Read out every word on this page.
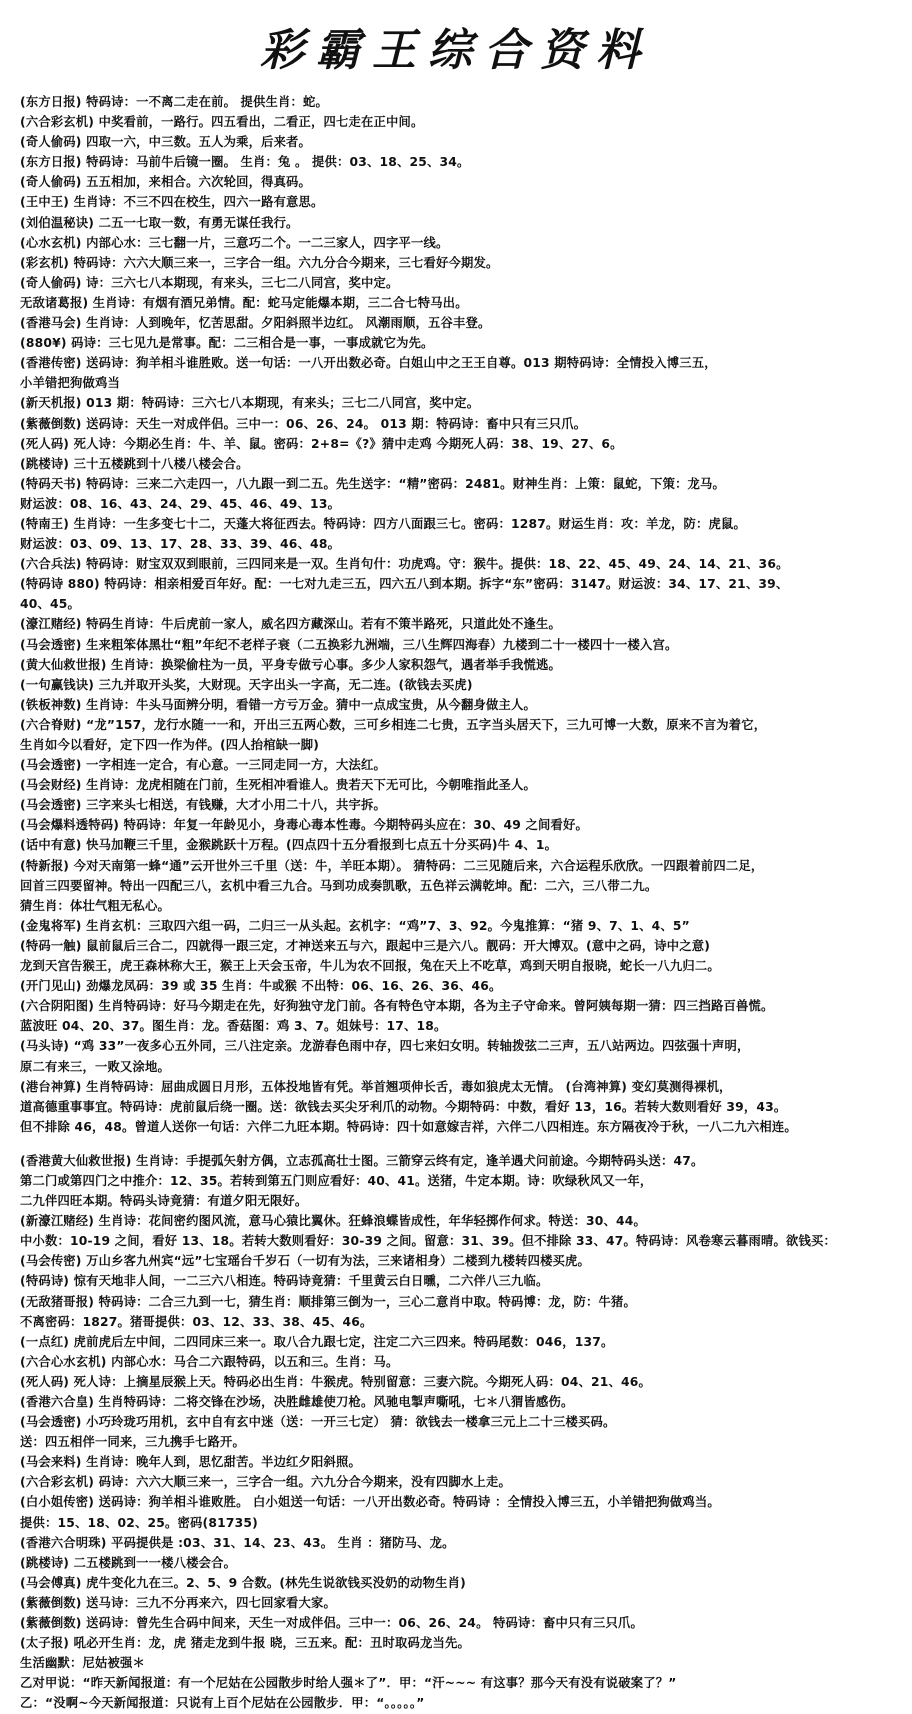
彩霸王综合资料
(东方日报) 特码诗：一不离二走在前。 提供生肖：蛇。
(六合彩玄机) 中奖看前，一路行。四五看出，二看正，四七走在正中间。
(奇人偷码) 四取一六，中三数。五人为乘，后来者。
(东方日报) 特码诗：马前牛后镜一圈。 生肖：兔 。 提供：03、18、25、34。
(奇人偷码) 五五相加，来相合。六次轮回，得真码。
(王中王) 生肖诗：不三不四在校生，四六一路有意思。
(刘伯温秘诀) 二五一七取一数，有勇无谋任我行。
(心水玄机) 内部心水：三七翻一片，三意巧二个。一二三家人，四字平一线。
(彩玄机) 特码诗：六六大顺三来一，三字合一组。六九分合今期来，三七看好今期发。
(奇人偷码) 诗：三六七八本期现，有来头，三七二八同宫，奖中定。
无敌诸葛报) 生肖诗：有烟有酒兄弟情。配：蛇马定能爆本期，三二合七特马出。
(香港马会) 生肖诗：人到晚年，忆苦思甜。夕阳斜照半边红。 风潮雨顺，五谷丰登。
(880¥) 码诗：三七见九是常事。配：二三相合是一事，一事成就它为先。
(香港传密) 送码诗：狗羊相斗谁胜败。送一句话：一八开出数必奇。白姐山中之王王自尊。013 期特码诗：全情投入博三五，
小羊错把狗做鸡当
(新天机报) 013 期：特码诗：三六七八本期现，有来头；三七二八同宫，奖中定。
(紫薇倒数) 送码诗：天生一对成伴侣。三中一：06、26、24。 013 期：特码诗：畜中只有三只爪。
(死人码) 死人诗：今期必生肖：牛、羊、鼠。密码：2+8=《?》猜中走鸡 今期死人码：38、19、27、6。
(跳楼诗) 三十五楼跳到十八楼八楼会合。
(特码天书) 特码诗：三来二六走四一，八九跟一到二五。先生送字：“精”密码：2481。财神生肖：上策：鼠蛇，下策：龙马。
财运波：08、16、43、24、29、45、46、49、13。
(特南王) 生肖诗：一生多变七十二，天蓬大将征西去。特码诗：四方八面跟三七。密码：1287。财运生肖：攻：羊龙，防：虎鼠。
财运波：03、09、13、17、28、33、39、46、48。
(六合兵法) 特码诗：财宝双双到眼前，三四同来是一双。生肖句什：功虎鸡。守：猴牛。提供：18、22、45、49、24、14、21、36。
(特码诗 880) 特码诗：相亲相爱百年好。配：一七对九走三五，四六五八到本期。拆字“东”密码：3147。财运波：34、17、21、39、
40、45。
(濠江赌经) 特码生肖诗：牛后虎前一家人，威名四方藏深山。若有不策半路死，只道此处不逢生。
(马会透密) 生来粗笨体黑壮“粗”年纪不老样子衰（二五换彩九洲端，三八生辉四海春）九楼到二十一楼四十一楼入宫。
(黄大仙救世报) 生肖诗：换梁偷柱为一员，平身专做亏心事。多少人家积怨气，遇者举手我慌逃。
(一句赢钱诀) 三九并取开头奖，大财现。天字出头一字高，无二连。(欲钱去买虎)
(铁板神数) 生肖诗：牛头马面辨分明，看错一方亏万金。猜中一点成宝贵，从今翻身做主人。
(六合脊财) “龙”157，龙行水随一一和，开出三五两心数，三可乡相连二七贵，五字当头居天下，三九可博一大数，原来不言为着它，
生肖如今以看好，定下四一作为伴。(四人抬棺缺一脚)
(马会透密) 一字相连一定合，有心意。一三同走同一方，大法红。
(马会财经) 生肖诗：龙虎相随在门前，生死相冲看谁人。贵若天下无可比，今朝唯指此圣人。
(马会透密) 三字来头七相送，有钱赚，大才小用二十八，共宇拆。
(马会爆料透特码) 特码诗：年复一年龄见小，身毒心毒本性毒。今期特码头应在：30、49 之间看好。
(话中有意) 快马加鞭三千里，金猴跳跃十万程。(四点四十五分看报到七点五十分买码)牛 4、1。
(特新报) 今对天南第一蜂“通”云开世外三千里（送：牛，羊旺本期）。 猜特码：二三见随后来，六合运程乐欣欣。一四跟着前四二足，
回首三四要留神。特出一四配三八，玄机中看三九合。马到功成奏凯歌，五色祥云满乾坤。配：二六，三八带二九。
猜生肖：体壮气粗无私心。
(金鬼将军) 生肖玄机：三取四六组一码，二归三一从头起。玄机字：“鸡”7、3、92。今鬼推算：“猪 9、7、1、4、5”
(特码一触) 鼠前鼠后三合二，四就得一跟三定，才神送来五与六，跟起中三是六八。靓码：开大博双。(意中之码，诗中之意)
龙到天宫告猴王，虎王森林称大王，猴王上天会玉帝，牛儿为农不回报，兔在天上不吃草，鸡到天明自报晓，蛇长一八九归二。
(开门见山) 劲爆龙凤码：39 或 35 生肖：牛或猴 不出特：06、16、26、36、46。
(六合阴阳图) 生肖特码诗：好马今期走在先，好狗独守龙门前。各有特色守本期，各为主子守命来。曾阿姨每期一猜：四三挡路百兽慌。
蓝波旺 04、20、37。图生肖：龙。香菇图：鸡 3、7。姐妹号：17、18。
(马头诗) “鸡 33”一夜多心五外同，三八注定亲。龙游春色雨中存，四七来妇女明。转轴拨弦二三声，五八站两边。四弦强十声明，
原二有来三，一败又涂地。
(港台神算) 生肖特码诗：屈曲成圆日月形，五体投地皆有凭。举首翘项伸长舌，毒如狼虎太无情。 (台湾神算) 变幻莫测得裸机，
道高德重事事宜。特码诗：虎前鼠后绕一圈。送：欲钱去买尖牙利爪的动物。今期特码：中数，看好 13，16。若转大数则看好 39，43。
但不排除 46，48。曾道人送你一句话：六伴二九旺本期。特码诗：四十如意嫁吉祥，六伴二八四相连。东方隔夜冷于秋，一八二九六相连。
(香港黄大仙救世报) 生肖诗：手提弧矢射方偶，立志孤高壮士图。三箭穿云终有定，逢羊遇犬问前途。今期特码头送：47。
第二门或第四门之中推介：12、35。若转到第五门则应看好：40、41。送猪，牛定本期。诗：吹绿秋风又一年，
二九伴四旺本期。特码头诗竟猜：有道夕阳无限好。
(新濠江赌经) 生肖诗：花间密约图风流，意马心猿比翼休。狂蜂浪蝶皆成性，年华轻掷作何求。特送：30、44。
中小数：10-19 之间，看好 13、18。若转大数则看好：30-39 之间。留意：31、39。但不排除 33、47。特码诗：风卷寒云暮雨晴。欲钱买：
(马会传密) 万山乡客九州宾“远”七宝瑶台千岁石（一切有为法，三来诸相身）二楼到九楼转四楼买虎。
(特码诗) 惊有天地非人间，一二三六八相连。特码诗竟猜：千里黄云白日曛，二六伴八三九临。
(无敌猪哥报) 特码诗：二合三九到一七，猜生肖：顺排第三倒为一，三心二意肖中取。特码博：龙，防：牛猪。
不离密码：1827。猪哥提供：03、12、33、38、45、46。
(一点红) 虎前虎后左中间，二四同床三来一。取八合九跟七定，注定二六三四来。特码尾数：046，137。
(六合心水玄机) 内部心水：马合二六跟特码，以五和三。生肖：马。
(死人码) 死人诗：上摘星辰猴上天。特码必出生肖：牛猴虎。特别留意：三妻六院。今期死人码：04、21、46。
(香港六合皇) 生肖特码诗：二将交锋在沙场，决胜雌雄使刀枪。风驰电掣声嘶吼，七＊八猬皆感伤。
(马会透密) 小巧玲珑巧用机，玄中自有玄中迷（送：一开三七定） 猜：欲钱去一楼拿三元上二十三楼买码。
送：四五相伴一同来，三九携手七路开。
(马会来料) 生肖诗：晚年人到，思忆甜苦。半边红夕阳斜照。
(六合彩玄机) 码诗：六六大顺三来一，三字合一组。六九分合今期来，没有四脚水上走。
(白小姐传密) 送码诗：狗羊相斗谁败胜。 白小姐送一句话：一八开出数必奇。特码诗 ：全情投入博三五，小羊错把狗做鸡当。
提供：15、18、02、25。密码(81735)
(香港六合明珠) 平码提供是 :03、31、14、23、43。 生肖 ：猪防马、龙。
(跳楼诗) 二五楼跳到一一楼八楼会合。
(马会傅真) 虎牛变化九在三。2、5、9 合数。(林先生说欲钱买没奶的动物生肖)
(紫薇倒数) 送马诗：三九不分再来六，四七回家看大家。
(紫薇倒数) 送码诗：曾先生合码中间来，天生一对成伴侣。三中一：06、26、24。 特码诗：畜中只有三只爪。
(太子报) 吼必开生肖：龙，虎 猪走龙到牛报 晓，三五来。配：丑时取码龙当先。
生活幽默：尼姑被强＊
乙对甲说：“昨天新闻报道：有一个尼姑在公园散步时给人强＊了”．甲：“汗~~~ 有这事？那今天有没有说破案了？”
乙：“没啊~今天新闻报道：只说有上百个尼姑在公园散步．甲：“。。。。。”
